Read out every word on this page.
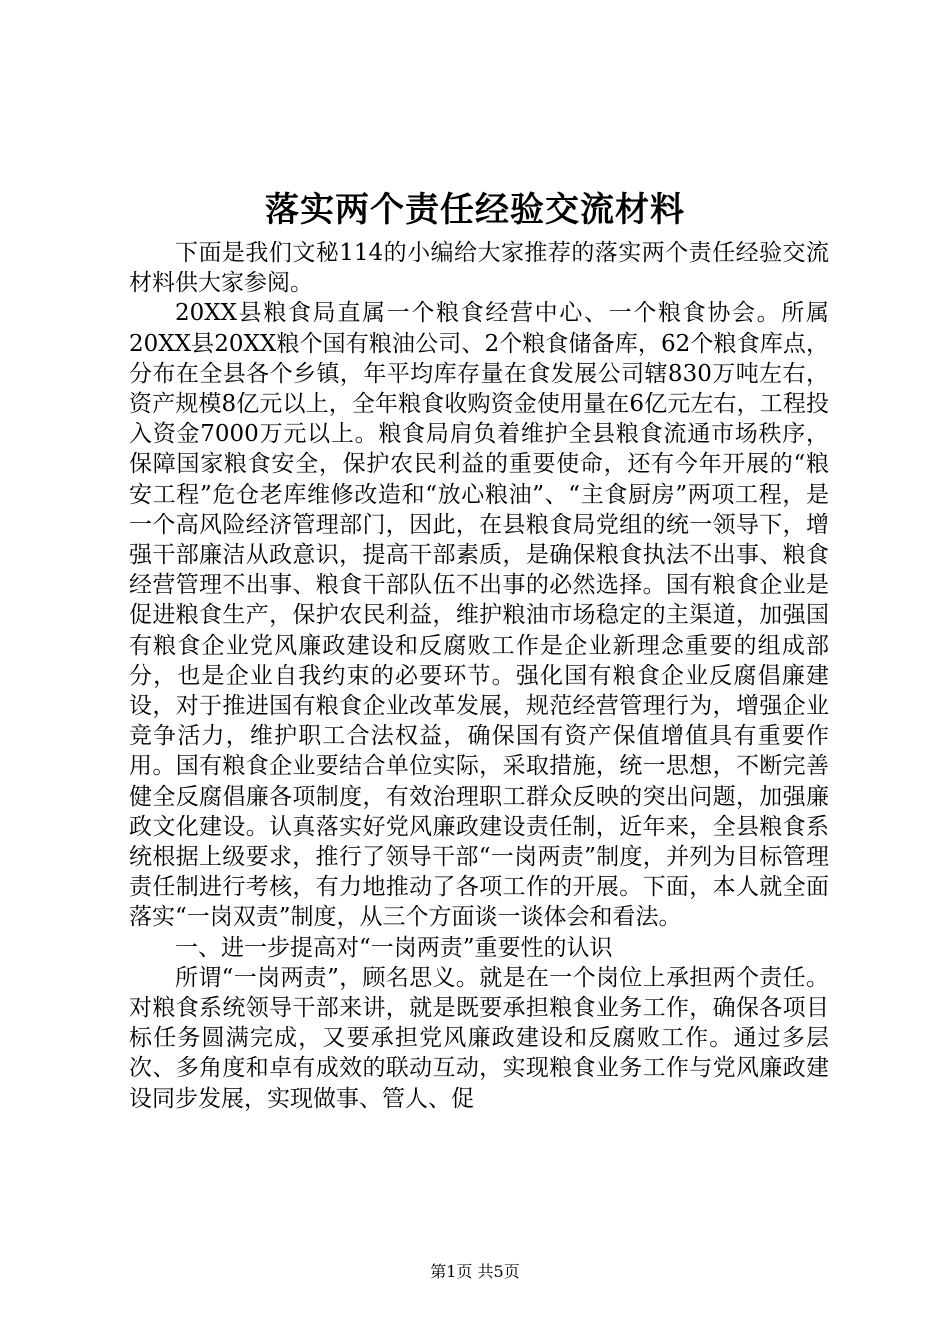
落实两个责任经验交流材料

下面是我们文秘114的小编给大家推荐的落实两个责任经验交流材料供大家参阅。

20XX县粮食局直属一个粮食经营中心、一个粮食协会。所属20XX县20XX粮个国有粮油公司、2个粮食储备库，62个粮食库点，分布在全县各个乡镇，年平均库存量在食发展公司辖830万吨左右，资产规模8亿元以上，全年粮食收购资金使用量在6亿元左右，工程投入资金7000万元以上。粮食局肩负着维护全县粮食流通市场秩序，保障国家粮食安全，保护农民利益的重要使命，还有今年开展的“粮安工程”危仓老库维修改造和“放心粮油”、“主食厨房”两项工程，是一个高风险经济管理部门，因此，在县粮食局党组的统一领导下，增强干部廉洁从政意识，提高干部素质，是确保粮食执法不出事、粮食经营管理不出事、粮食干部队伍不出事的必然选择。国有粮食企业是促进粮食生产，保护农民利益，维护粮油市场稳定的主渠道，加强国有粮食企业党风廉政建设和反腐败工作是企业新理念重要的组成部分，也是企业自我约束的必要环节。强化国有粮食企业反腐倡廉建设，对于推进国有粮食企业改革发展，规范经营管理行为，增强企业竞争活力，维护职工合法权益，确保国有资产保值增值具有重要作用。国有粮食企业要结合单位实际，采取措施，统一思想，不断完善健全反腐倡廉各项制度，有效治理职工群众反映的突出问题，加强廉政文化建设。认真落实好党风廉政建设责任制，近年来，全县粮食系统根据上级要求，推行了领导干部“一岗两责”制度，并列为目标管理责任制进行考核，有力地推动了各项工作的开展。下面，本人就全面落实“一岗双责”制度，从三个方面谈一谈体会和看法。

一、进一步提高对“一岗两责”重要性的认识

所谓“一岗两责”，顾名思义。就是在一个岗位上承担两个责任。对粮食系统领导干部来讲，就是既要承担粮食业务工作，确保各项目标任务圆满完成，又要承担党风廉政建设和反腐败工作。通过多层次、多角度和卓有成效的联动互动，实现粮食业务工作与党风廉政建设同步发展，实现做事、管人、促

第1页 共5页
